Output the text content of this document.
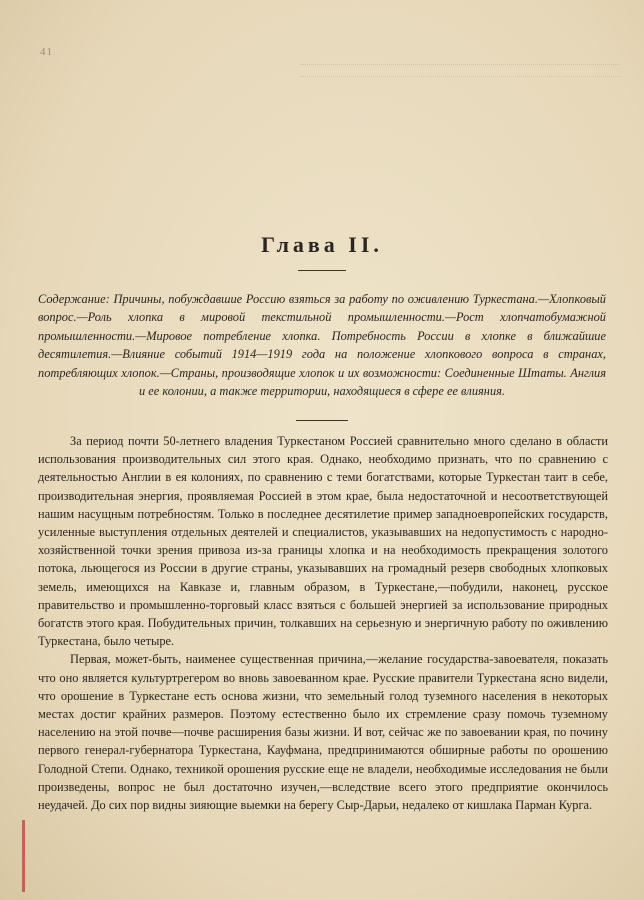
41
Глава II.
Содержание: Причины, побуждавшие Россию взяться за работу по оживлению Туркестана.—Хлопковый вопрос.—Роль хлопка в мировой текстильной промышленности.—Рост хлопчатобумажной промышленности.—Мировое потребление хлопка. Потребность России в хлопке в ближайшие десятилетия.—Влияние событий 1914—1919 года на положение хлопкового вопроса в странах, потребляющих хлопок.—Страны, производящие хлопок и их возможности: Соединенные Штаты. Англия и ее колонии, а также территории, находящиеся в сфере ее влияния.

За период почти 50-летнего владения Туркестаном Россией сравнительно много сделано в области использования производительных сил этого края. Однако, необходимо признать, что по сравнению с деятельностью Англии в ея колониях, по сравнению с теми богатствами, которые Туркестан таит в себе, производительная энергия, проявляемая Россией в этом крае, была недостаточной и несоответствующей нашим насущным потребностям. Только в последнее десятилетие пример западноевропейских государств, усиленные выступления отдельных деятелей и специалистов, указывавших на недопустимость с народно-хозяйственной точки зрения привоза из-за границы хлопка и на необходимость прекращения золотого потока, льющегося из России в другие страны, указывавших на громадный резерв свободных хлопковых земель, имеющихся на Кавказе и, главным образом, в Туркестане,—побудили, наконец, русское правительство и промышленно-торговый класс взяться с большей энергией за использование природных богатств этого края. Побудительных причин, толкавших на серьезную и энергичную работу по оживлению Туркестана, было четыре.

Первая, может-быть, наименее существенная причина,—желание государства-завоевателя, показать что оно является культуртрегером во вновь завоеванном крае. Русские правители Туркестана ясно видели, что орошение в Туркестане есть основа жизни, что земельный голод туземного населения в некоторых местах достиг крайних размеров. Поэтому естественно было их стремление сразу помочь туземному населению на этой почве—почве расширения базы жизни. И вот, сейчас же по завоевании края, по почину первого генерал-губернатора Туркестана, Кауфмана, предпринимаются обширные работы по орошению Голодной Степи. Однако, техникой орошения русские еще не владели, необходимые исследования не были произведены, вопрос не был достаточно изучен,—вследствие всего этого предприятие окончилось неудачей. До сих пор видны зияющие выемки на берегу Сыр-Дарьи, недалеко от кишлака Парман Курга.
